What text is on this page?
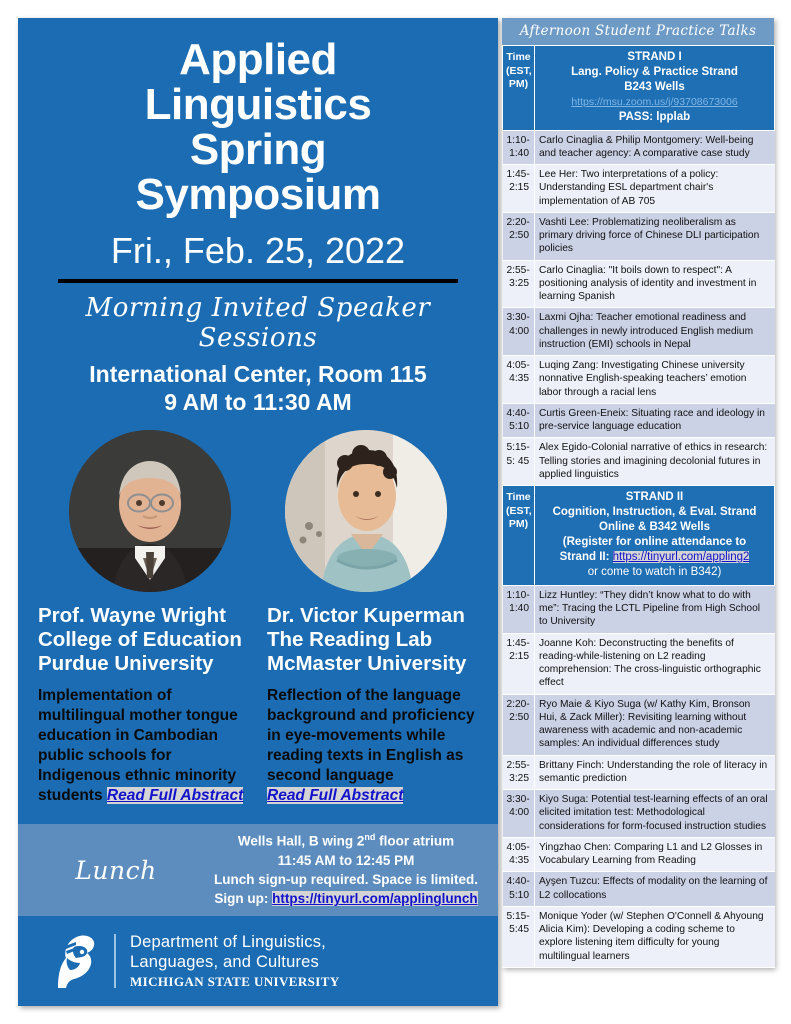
Applied
Linguistics
Spring
Symposium
Fri., Feb. 25, 2022
Morning Invited Speaker Sessions
International Center, Room 115
9 AM to 11:30 AM
Prof. Wayne Wright
College of Education
Purdue University
Implementation of multilingual mother tongue education in Cambodian public schools for Indigenous ethnic minority students Read Full Abstract
Dr. Victor Kuperman
The Reading Lab
McMaster University
Reflection of the language background and proficiency in eye-movements while reading texts in English as second language
Read Full Abstract
Lunch
Wells Hall, B wing 2nd floor atrium
11:45 AM to 12:45 PM
Lunch sign-up required. Space is limited.
Sign up: https://tinyurl.com/applinglunch
Department of Linguistics,
Languages, and Cultures
MICHIGAN STATE UNIVERSITY
Afternoon Student Practice Talks
Time
(EST,
PM)

STRAND I
Lang. Policy & Practice Strand
B243 Wells
https://msu.zoom.us/j/93708673006
PASS: lpplab

1:10-
1:40	Carlo Cinaglia & Philip Montgomery: Well-being and teacher agency: A comparative case study

1:45-
2:15	Lee Her: Two interpretations of a policy: Understanding ESL department chair's implementation of AB 705

2:20-
2:50	Vashti Lee: Problematizing neoliberalism as primary driving force of Chinese DLI participation policies

2:55-
3:25	Carlo Cinaglia: "It boils down to respect": A positioning analysis of identity and investment in learning Spanish

3:30-
4:00	Laxmi Ojha: Teacher emotional readiness and challenges in newly introduced English medium instruction (EMI) schools in Nepal

4:05-
4:35	Luqing Zang: Investigating Chinese university nonnative English-speaking teachers’ emotion labor through a racial lens

4:40-
5:10	Curtis Green-Eneix: Situating race and ideology in pre-service language education

5:15-
5: 45	Alex Egido-Colonial narrative of ethics in research: Telling stories and imagining decolonial futures in applied linguistics

Time
(EST,
PM)

STRAND II
Cognition, Instruction, & Eval. Strand
Online & B342 Wells
(Register for online attendance to
Strand II: https://tinyurl.com/appling2
or come to watch in B342)

1:10-
1:40	Lizz Huntley: “They didn’t know what to do with me”: Tracing the LCTL Pipeline from High School to University

1:45-
2:15	Joanne Koh: Deconstructing the benefits of reading-while-listening on L2 reading comprehension: The cross-linguistic orthographic effect

2:20-
2:50	Ryo Maie & Kiyo Suga (w/ Kathy Kim, Bronson Hui, & Zack Miller): Revisiting learning without awareness with academic and non-academic samples: An individual differences study

2:55-
3:25	Brittany Finch: Understanding the role of literacy in semantic prediction

3:30-
4:00	Kiyo Suga: Potential test-learning effects of an oral elicited imitation test: Methodological considerations for form-focused instruction studies

4:05-
4:35	Yingzhao Chen: Comparing L1 and L2 Glosses in Vocabulary Learning from Reading

4:40-
5:10	Ayşen Tuzcu: Effects of modality on the learning of L2 collocations

5:15-
5:45	Monique Yoder (w/ Stephen O'Connell & Ahyoung Alicia Kim): Developing a coding scheme to explore listening item difficulty for young multilingual learners
